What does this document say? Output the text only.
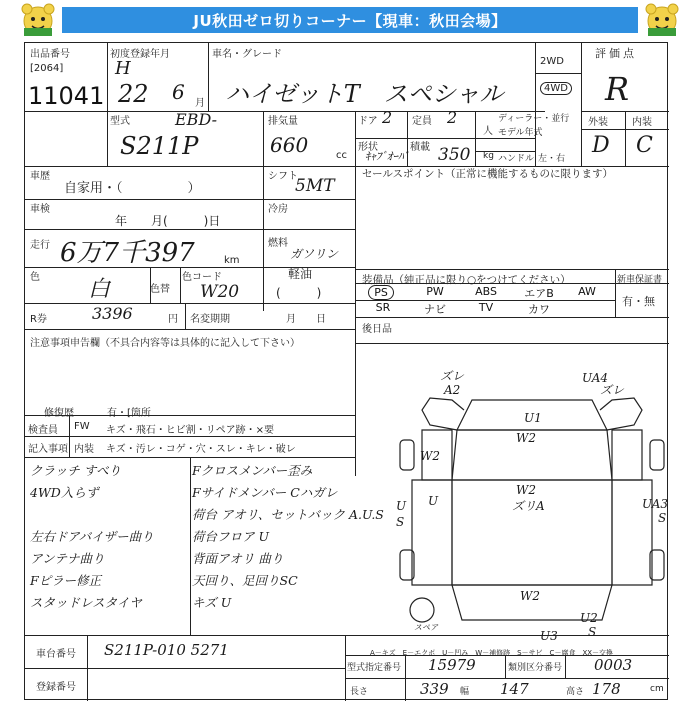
JU秋田ゼロ切りコーナー【現車：秋田会場】
出品番号
[2064]
11041
初度登録年月
H
22 6 月
車名・グレード
ハイゼットT　スペシャル
2WD
4WD
評価点
R
外装 内装
D C
型式	EBD-
S211P
排気量
660	cc
ドア 2 定員 2
人
ディーラー・並行
モデル年式
形状
ｷｬﾌﾞｵｰﾊﾞ
積載 350 kg ハンドル 左・右
車歴
自家用・（　　　　　）
シフト
5MT
セールスポイント（正常に機能するものに限ります）
車検
年　　月(　　　)日
冷房
走行 6万7千397	km
燃料
ガソリン
軽油
(　　　)
色 白	色替
色コード
W20
R券	3396	円 名変期期	月　　日
装備品（純正品に限り○をつけてください）	新車保証書
有・無
PS	PW	ABS	エアB	AW
SR	ナビ	TV	カワ
後日品
注意事項申告欄（不具合内容等は具体的に記入して下さい）
修復歴	有・[箇所
検査員
記入事項
FW
内装
キズ・飛石・ヒビ割・リペア跡・×要
キズ・汚レ・コゲ・穴・スレ・キレ・破レ
クラッチ すべり
4WD入らず
左右ドアバイザー曲り
アンテナ曲り
Fピラー修正
スタッドレスタイヤ
Fクロスメンバー歪み
Fサイドメンバー Cハガレ
荷台 アオリ、セットバック A.U.S
荷台フロア U
背面アオリ 曲り
天回り、足回りSC
キズ U
車台番号 S211P-010 5271
登録番号
型式指定番号 15979	類別区分番号 0003
長さ	339 幅 147	高さ 178	cm
A－キズ　E－エクボ　U－凹み　W－補修跡　S－サビ　C－腐食　XX－交換
ズレ
A2
UA4
ズレ
U1
W2
W2
W2
ズリA
U
U
S
UA3
S
W2
スペア
U3
U2
S
